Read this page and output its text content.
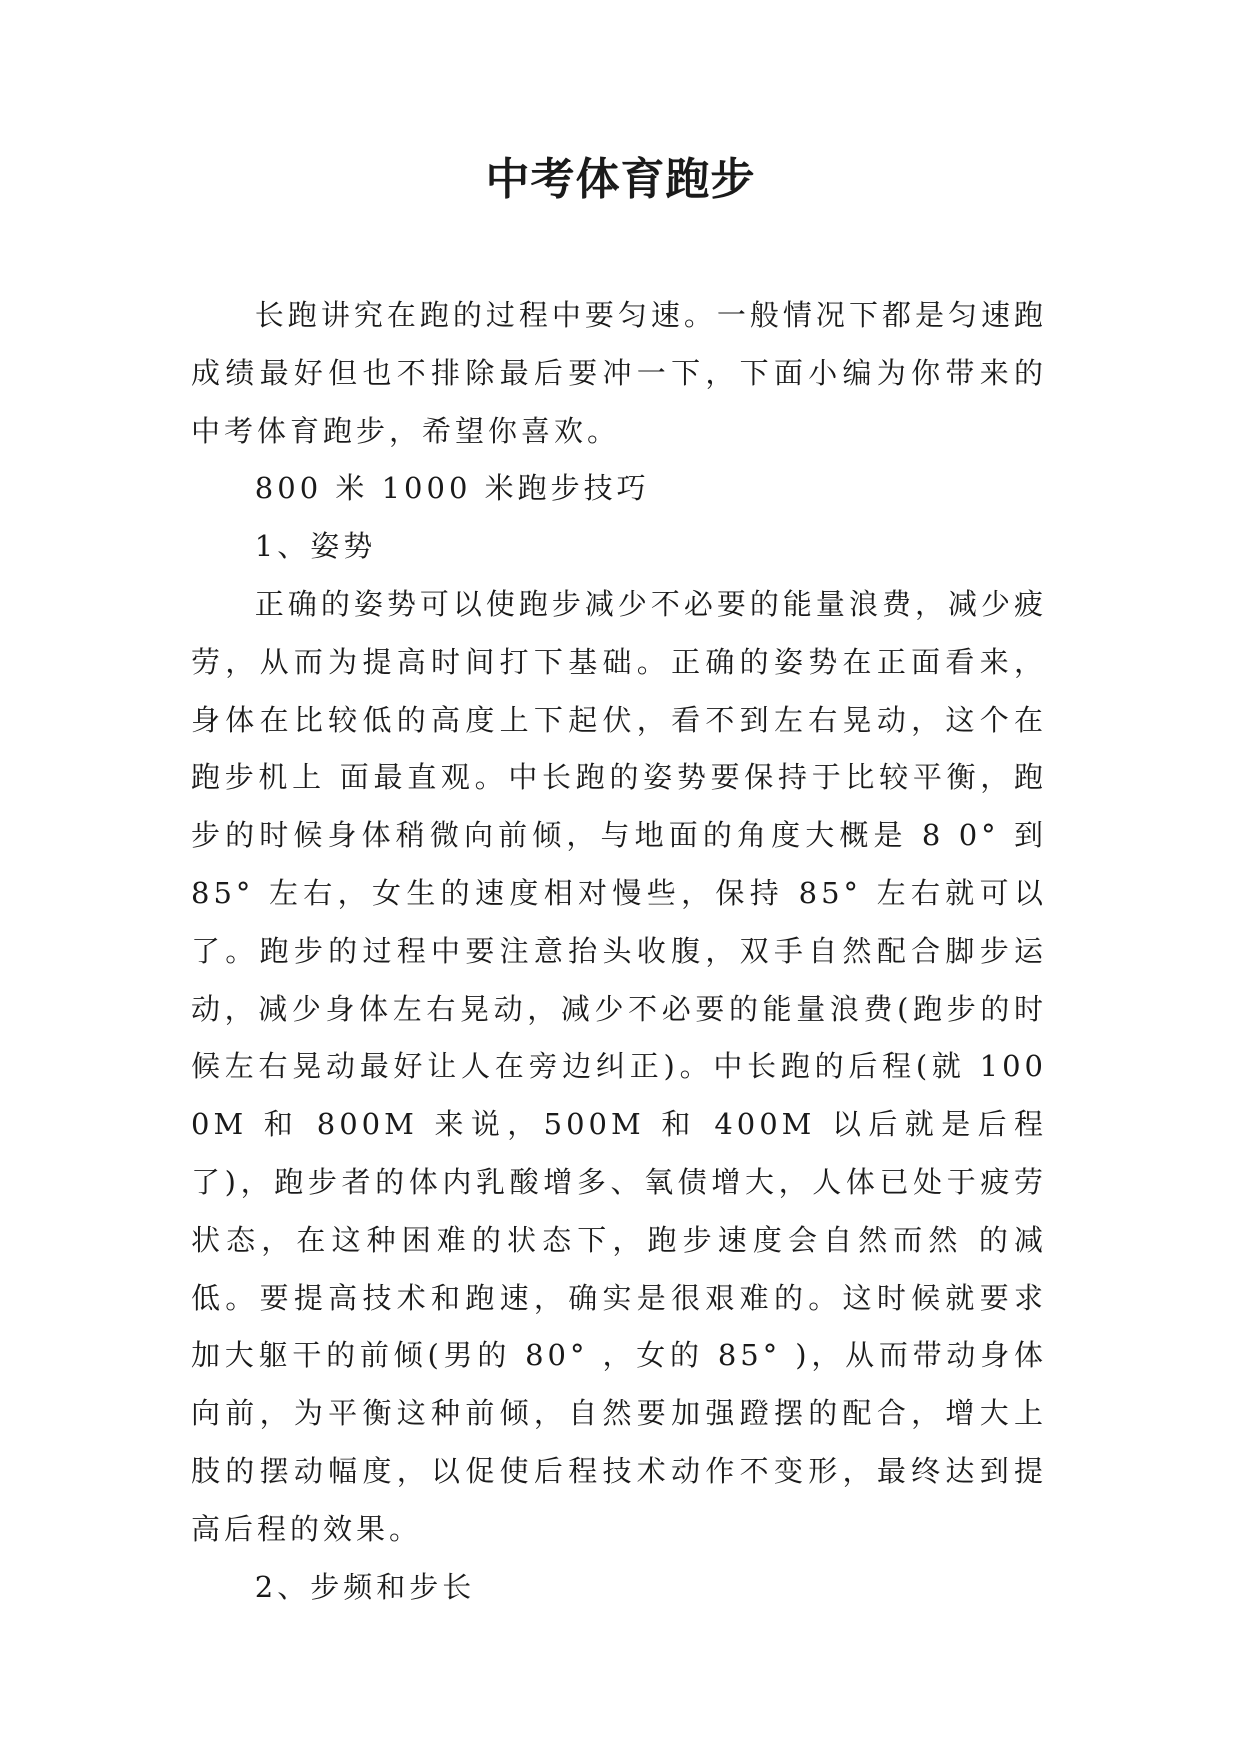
中考体育跑步

长跑讲究在跑的过程中要匀速。一般情况下都是匀速跑成绩最好但也不排除最后要冲一下，下面小编为你带来的中考体育跑步，希望你喜欢。

800 米 1000 米跑步技巧

1、姿势

正确的姿势可以使跑步减少不必要的能量浪费，减少疲劳，从而为提高时间打下基础。正确的姿势在正面看来，身体在比较低的高度上下起伏，看不到左右晃动，这个在跑步机上 面最直观。中长跑的姿势要保持于比较平衡，跑步的时候身体稍微向前倾，与地面的角度大概是 8 0° 到 85° 左右，女生的速度相对慢些，保持 85° 左右就可以了。跑步的过程中要注意抬头收腹，双手自然配合脚步运动，减少身体左右晃动，减少不必要的能量浪费(跑步的时候左右晃动最好让人在旁边纠正)。中长跑的后程(就 1000M 和 800M 来说，500M 和 400M 以后就是后程了)，跑步者的体内乳酸增多、氧债增大，人体已处于疲劳状态，在这种困难的状态下，跑步速度会自然而然 的减低。要提高技术和跑速，确实是很艰难的。这时候就要求加大躯干的前倾(男的 80° ，女的 85° )，从而带动身体向前，为平衡这种前倾，自然要加强蹬摆的配合，增大上肢的摆动幅度，以促使后程技术动作不变形，最终达到提高后程的效果。

2、步频和步长
